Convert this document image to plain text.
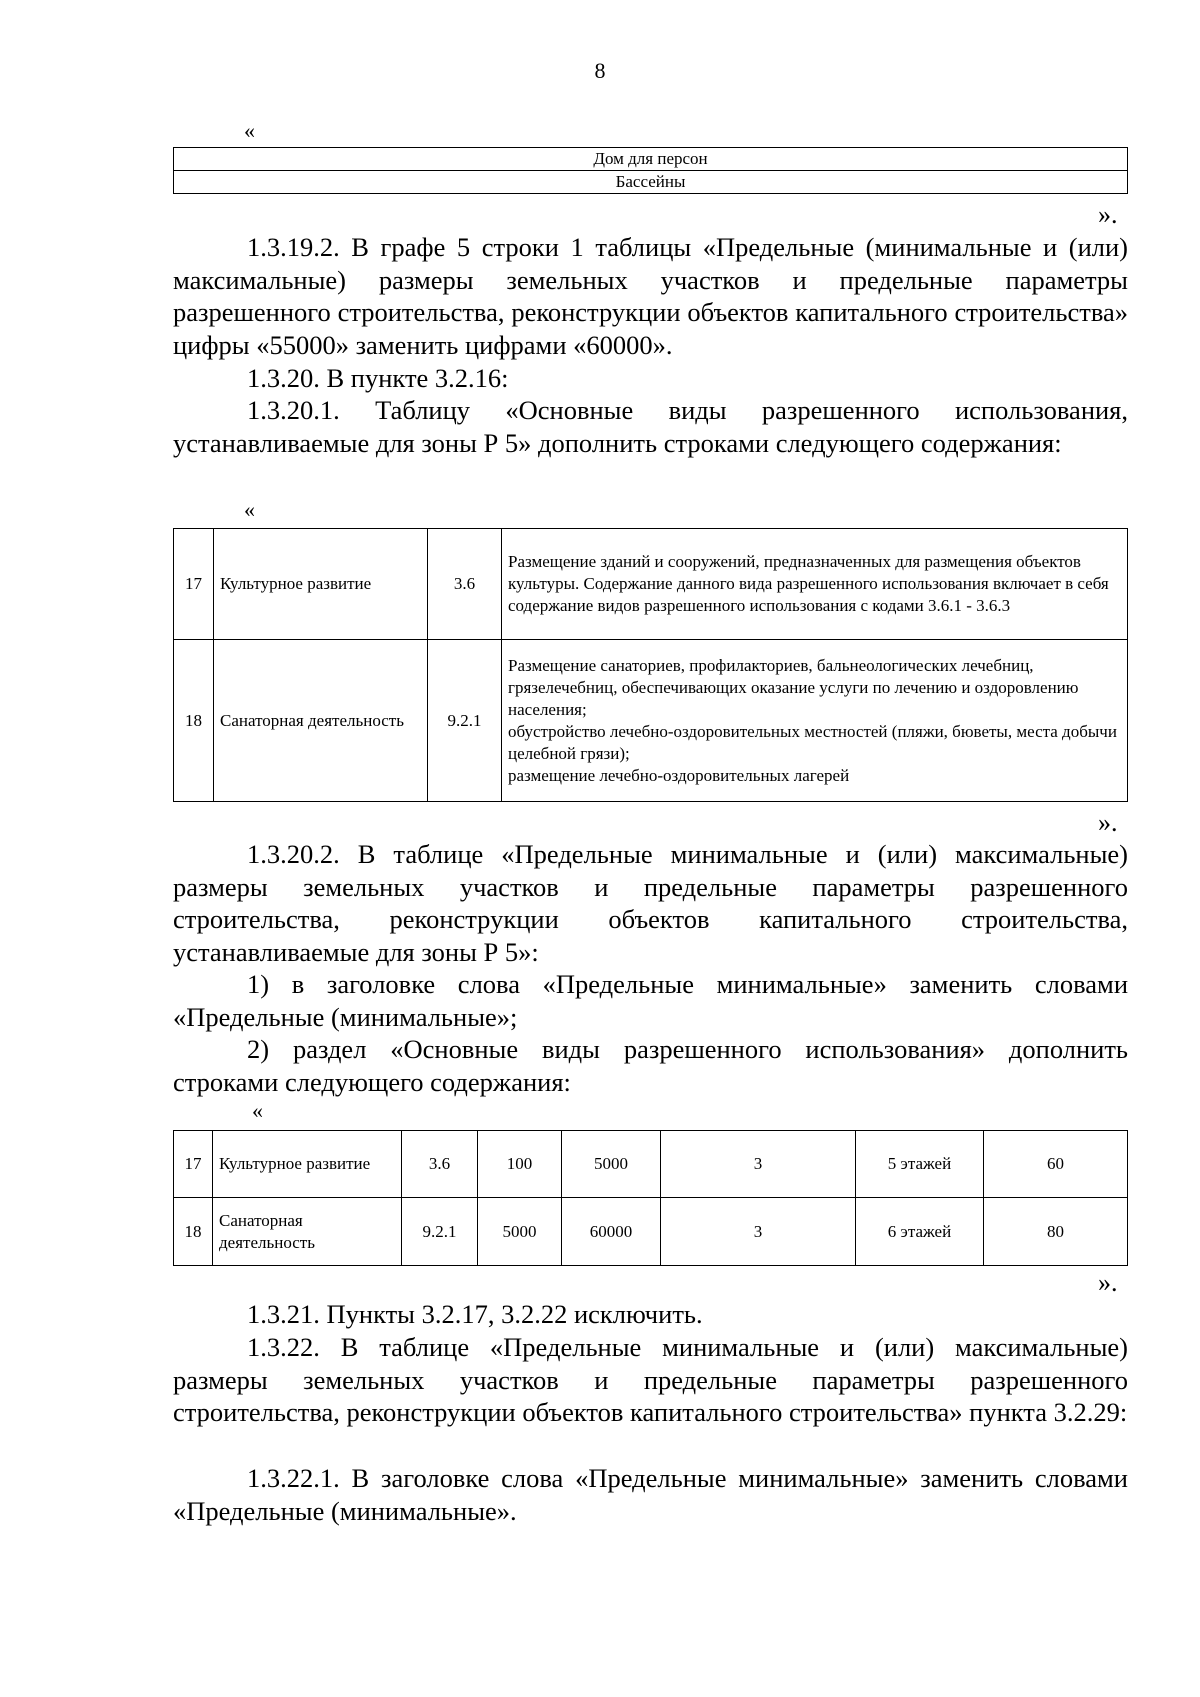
8
«
Дом для персон
Бассейны
».

1.3.19.2. В графе 5 строки 1 таблицы «Предельные (минимальные и (или) максимальные) размеры земельных участков и предельные параметры разрешенного строительства, реконструкции объектов капитального строительства» цифры «55000» заменить цифрами «60000».

1.3.20. В пункте 3.2.16:

1.3.20.1. Таблицу «Основные виды разрешенного использования, устанавливаемые для зоны Р 5» дополнить строками следующего содержания:

«
17	Культурное развитие	3.6	Размещение зданий и сооружений, предназначенных для размещения объектов культуры. Содержание данного вида разрешенного использования включает в себя содержание видов разрешенного использования с кодами 3.6.1 - 3.6.3

18	Санаторная деятельность	9.2.1	Размещение санаториев, профилакториев, бальнеологических лечебниц, грязелечебниц, обеспечивающих оказание услуги по лечению и оздоровлению населения;
обустройство лечебно-оздоровительных местностей (пляжи, бюветы, места добычи целебной грязи);
размещение лечебно-оздоровительных лагерей
».

1.3.20.2. В таблице «Предельные минимальные и (или) максимальные) размеры земельных участков и предельные параметры разрешенного строительства, реконструкции объектов капитального строительства, устанавливаемые для зоны Р 5»:

1) в заголовке слова «Предельные минимальные» заменить словами «Предельные (минимальные»;

2) раздел «Основные виды разрешенного использования» дополнить строками следующего содержания:

«
17	Культурное развитие	3.6	100	5000	3	5 этажей	60
18	Санаторная деятельность	9.2.1	5000	60000	3	6 этажей	80
».

1.3.21. Пункты 3.2.17, 3.2.22 исключить.

1.3.22. В таблице «Предельные минимальные и (или) максимальные) размеры земельных участков и предельные параметры разрешенного строительства, реконструкции объектов капитального строительства» пункта 3.2.29:

1.3.22.1. В заголовке слова «Предельные минимальные» заменить словами «Предельные (минимальные».
